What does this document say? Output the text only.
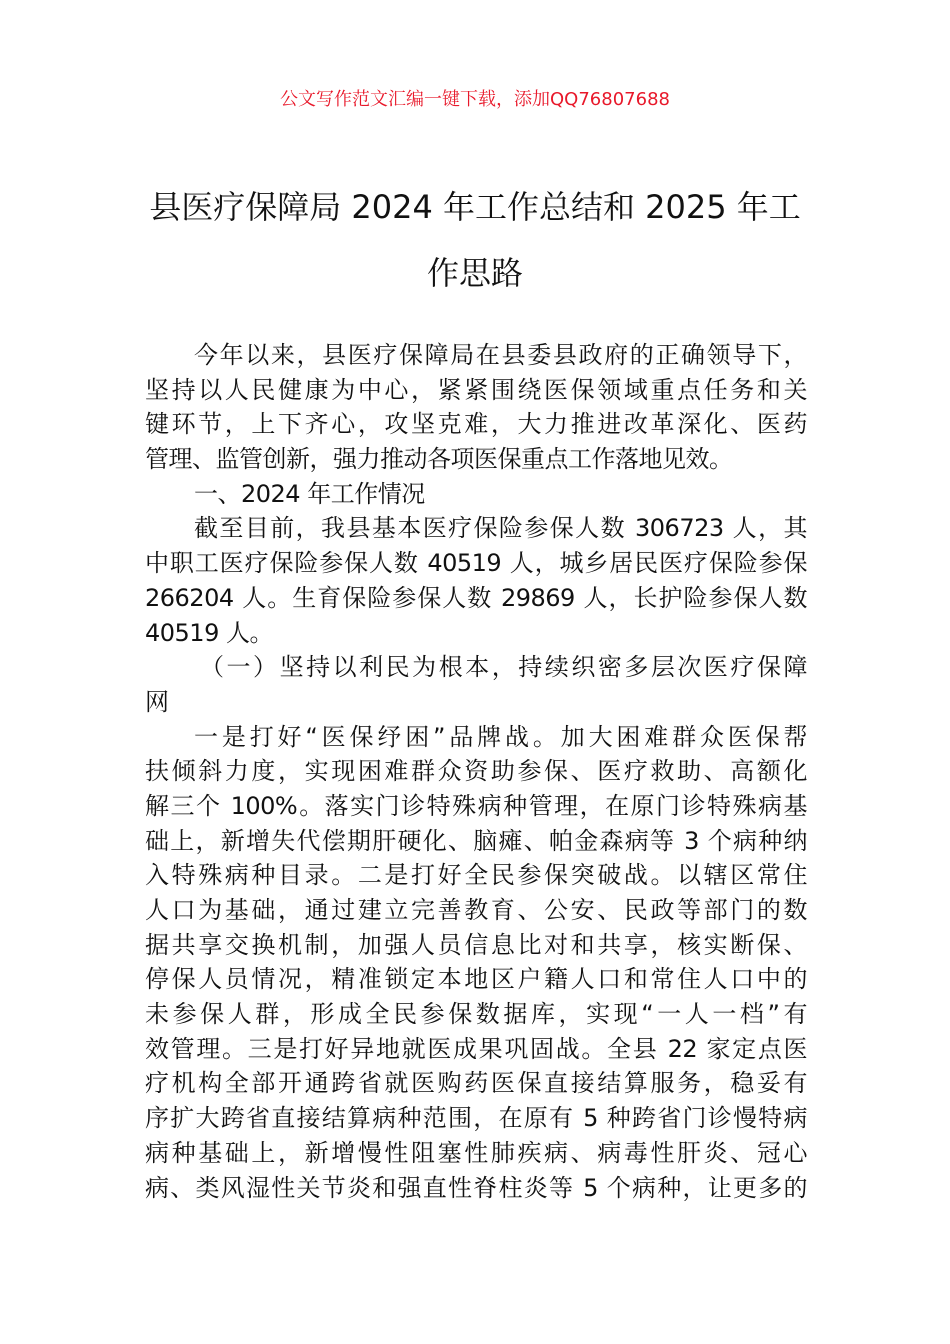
公文写作范文汇编一键下载，添加QQ76807688
县医疗保障局 2024 年工作总结和 2025 年工
作思路
今年以来，县医疗保障局在县委县政府的正确领导下，
坚持以人民健康为中心，紧紧围绕医保领域重点任务和关
键环节，上下齐心，攻坚克难，大力推进改革深化、医药
管理、监管创新，强力推动各项医保重点工作落地见效。
一、2024 年工作情况
截至目前，我县基本医疗保险参保人数 306723 人，其
中职工医疗保险参保人数 40519 人，城乡居民医疗保险参保
266204 人。生育保险参保人数 29869 人，长护险参保人数
40519 人。
（一）坚持以利民为根本，持续织密多层次医疗保障
网
一是打好“医保纾困”品牌战。加大困难群众医保帮
扶倾斜力度，实现困难群众资助参保、医疗救助、高额化
解三个 100%。落实门诊特殊病种管理，在原门诊特殊病基
础上，新增失代偿期肝硬化、脑瘫、帕金森病等 3 个病种纳
入特殊病种目录。二是打好全民参保突破战。以辖区常住
人口为基础，通过建立完善教育、公安、民政等部门的数
据共享交换机制，加强人员信息比对和共享，核实断保、
停保人员情况，精准锁定本地区户籍人口和常住人口中的
未参保人群，形成全民参保数据库，实现“一人一档”有
效管理。三是打好异地就医成果巩固战。全县 22 家定点医
疗机构全部开通跨省就医购药医保直接结算服务，稳妥有
序扩大跨省直接结算病种范围，在原有 5 种跨省门诊慢特病
病种基础上，新增慢性阻塞性肺疾病、病毒性肝炎、冠心
病、类风湿性关节炎和强直性脊柱炎等 5 个病种，让更多的
